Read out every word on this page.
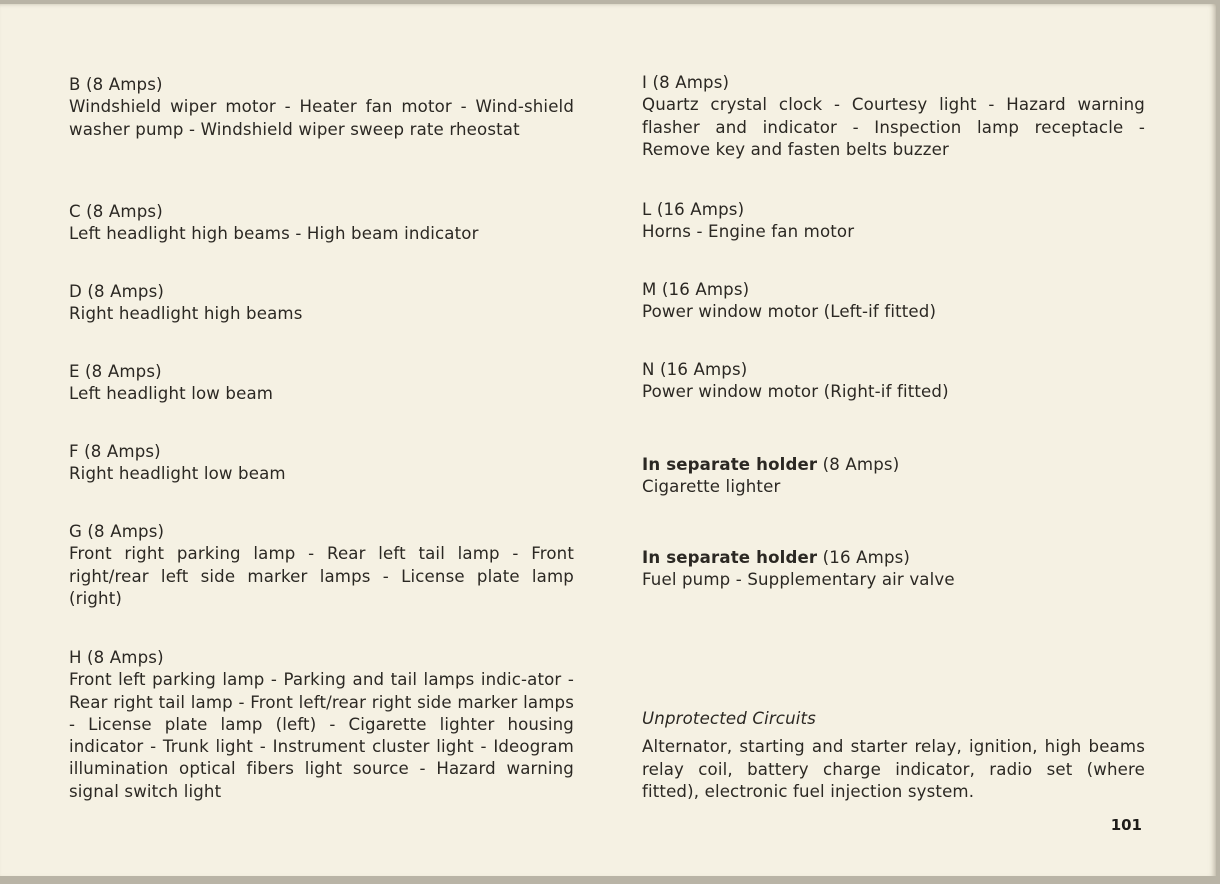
B (8 Amps)
Windshield wiper motor - Heater fan motor - Wind-shield washer pump - Windshield wiper sweep rate rheostat
C (8 Amps)
Left headlight high beams - High beam indicator
D (8 Amps)
Right headlight high beams
E (8 Amps)
Left headlight low beam
F (8 Amps)
Right headlight low beam
G (8 Amps)
Front right parking lamp - Rear left tail lamp - Front right/rear left side marker lamps - License plate lamp (right)
H (8 Amps)
Front left parking lamp - Parking and tail lamps indic-ator - Rear right tail lamp - Front left/rear right side marker lamps - License plate lamp (left) - Cigarette lighter housing indicator - Trunk light - Instrument cluster light - Ideogram illumination optical fibers light source - Hazard warning signal switch light
I (8 Amps)
Quartz crystal clock - Courtesy light - Hazard warning flasher and indicator - Inspection lamp receptacle - Remove key and fasten belts buzzer
L (16 Amps)
Horns - Engine fan motor
M (16 Amps)
Power window motor (Left-if fitted)
N (16 Amps)
Power window motor (Right-if fitted)
In separate holder (8 Amps)
Cigarette lighter
In separate holder (16 Amps)
Fuel pump - Supplementary air valve
Unprotected Circuits
Alternator, starting and starter relay, ignition, high beams relay coil, battery charge indicator, radio set (where fitted), electronic fuel injection system.
101
